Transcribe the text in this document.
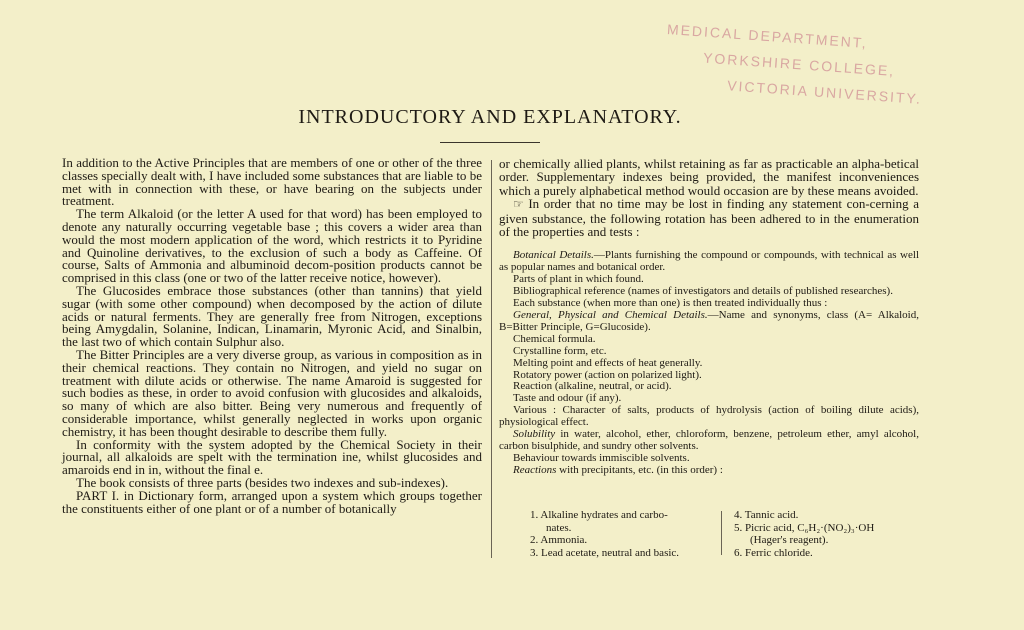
MEDICAL DEPARTMENT,
YORKSHIRE COLLEGE,
VICTORIA UNIVERSITY.
INTRODUCTORY AND EXPLANATORY.

In addition to the Active Principles that are members of one or other of the three classes specially dealt with, I have included some substances that are liable to be met with in connection with these, or have bearing on the subjects under treatment.

The term Alkaloid (or the letter A used for that word) has been employed to denote any naturally occurring vegetable base ; this covers a wider area than would the most modern application of the word, which restricts it to Pyridine and Quinoline derivatives, to the exclusion of such a body as Caffeine. Of course, Salts of Ammonia and albuminoid decom-position products cannot be comprised in this class (one or two of the latter receive notice, however).

The Glucosides embrace those substances (other than tannins) that yield sugar (with some other compound) when decomposed by the action of dilute acids or natural ferments. They are generally free from Nitrogen, exceptions being Amygdalin, Solanine, Indican, Linamarin, Myronic Acid, and Sinalbin, the last two of which contain Sulphur also.

The Bitter Principles are a very diverse group, as various in composition as in their chemical reactions. They contain no Nitrogen, and yield no sugar on treatment with dilute acids or otherwise. The name Amaroid is suggested for such bodies as these, in order to avoid confusion with glucosides and alkaloids, so many of which are also bitter. Being very numerous and frequently of considerable importance, whilst generally neglected in works upon organic chemistry, it has been thought desirable to describe them fully.

In conformity with the system adopted by the Chemical Society in their journal, all alkaloids are spelt with the termination ine, whilst glucosides and amaroids end in in, without the final e.

The book consists of three parts (besides two indexes and sub-indexes).

PART I. in Dictionary form, arranged upon a system which groups together the constituents either of one plant or of a number of botanically

or chemically allied plants, whilst retaining as far as practicable an alpha-betical order. Supplementary indexes being provided, the manifest inconveniences which a purely alphabetical method would occasion are by these means avoided.

☞ In order that no time may be lost in finding any statement con-cerning a given substance, the following rotation has been adhered to in the enumeration of the properties and tests :

Botanical Details.—Plants furnishing the compound or compounds, with technical as well as popular names and botanical order.

Parts of plant in which found.

Bibliographical reference (names of investigators and details of published researches).

Each substance (when more than one) is then treated individually thus :

General, Physical and Chemical Details.—Name and synonyms, class (A= Alkaloid, B=Bitter Principle, G=Glucoside).

Chemical formula.

Crystalline form, etc.

Melting point and effects of heat generally.

Rotatory power (action on polarized light).

Reaction (alkaline, neutral, or acid).

Taste and odour (if any).

Various : Character of salts, products of hydrolysis (action of boiling dilute acids), physiological effect.

Solubility in water, alcohol, ether, chloroform, benzene, petroleum ether, amyl alcohol, carbon bisulphide, and sundry other solvents.

Behaviour towards immiscible solvents.

Reactions with precipitants, etc. (in this order) :

1. Alkaline hydrates and carbo-
nates.
2. Ammonia.
3. Lead acetate, neutral and basic.
4. Tannic acid.
5. Picric acid, C₆H₂·(NO₂)₃·OH
(Hager's reagent).
6. Ferric chloride.
